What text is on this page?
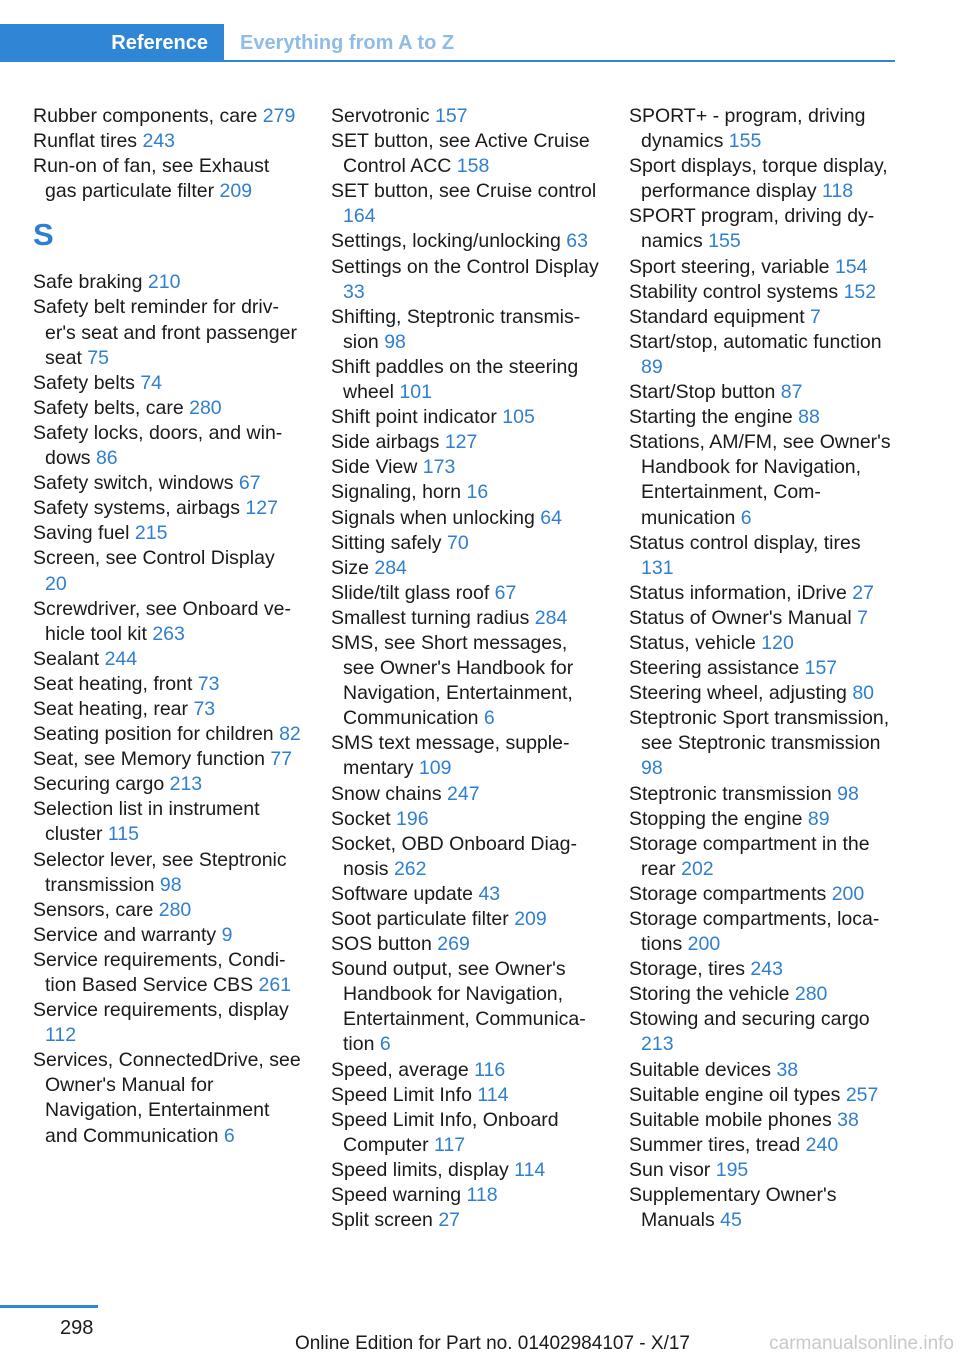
Reference	Everything from A to Z
Rubber components, care 279
Runflat tires 243
Run-on of fan, see Exhaust gas particulate filter 209
S
Safe braking 210
Safety belt reminder for driver's seat and front passenger seat 75
Safety belts 74
Safety belts, care 280
Safety locks, doors, and windows 86
Safety switch, windows 67
Safety systems, airbags 127
Saving fuel 215
Screen, see Control Display 20
Screwdriver, see Onboard vehicle tool kit 263
Sealant 244
Seat heating, front 73
Seat heating, rear 73
Seating position for children 82
Seat, see Memory function 77
Securing cargo 213
Selection list in instrument cluster 115
Selector lever, see Steptronic transmission 98
Sensors, care 280
Service and warranty 9
Service requirements, Condition Based Service CBS 261
Service requirements, display 112
Services, ConnectedDrive, see Owner's Manual for Navigation, Entertainment and Communication 6
Servotronic 157
SET button, see Active Cruise Control ACC 158
SET button, see Cruise control 164
Settings, locking/unlocking 63
Settings on the Control Display 33
Shifting, Steptronic transmission 98
Shift paddles on the steering wheel 101
Shift point indicator 105
Side airbags 127
Side View 173
Signaling, horn 16
Signals when unlocking 64
Sitting safely 70
Size 284
Slide/tilt glass roof 67
Smallest turning radius 284
SMS, see Short messages, see Owner's Handbook for Navigation, Entertainment, Communication 6
SMS text message, supplementary 109
Snow chains 247
Socket 196
Socket, OBD Onboard Diagnosis 262
Software update 43
Soot particulate filter 209
SOS button 269
Sound output, see Owner's Handbook for Navigation, Entertainment, Communication 6
Speed, average 116
Speed Limit Info 114
Speed Limit Info, Onboard Computer 117
Speed limits, display 114
Speed warning 118
Split screen 27
SPORT+ - program, driving dynamics 155
Sport displays, torque display, performance display 118
SPORT program, driving dynamics 155
Sport steering, variable 154
Stability control systems 152
Standard equipment 7
Start/stop, automatic function 89
Start/Stop button 87
Starting the engine 88
Stations, AM/FM, see Owner's Handbook for Navigation, Entertainment, Communication 6
Status control display, tires 131
Status information, iDrive 27
Status of Owner's Manual 7
Status, vehicle 120
Steering assistance 157
Steering wheel, adjusting 80
Steptronic Sport transmission, see Steptronic transmission 98
Steptronic transmission 98
Stopping the engine 89
Storage compartment in the rear 202
Storage compartments 200
Storage compartments, locations 200
Storage, tires 243
Storing the vehicle 280
Stowing and securing cargo 213
Suitable devices 38
Suitable engine oil types 257
Suitable mobile phones 38
Summer tires, tread 240
Sun visor 195
Supplementary Owner's Manuals 45
298
Online Edition for Part no. 01402984107 - X/17	carmanualsonline.info
